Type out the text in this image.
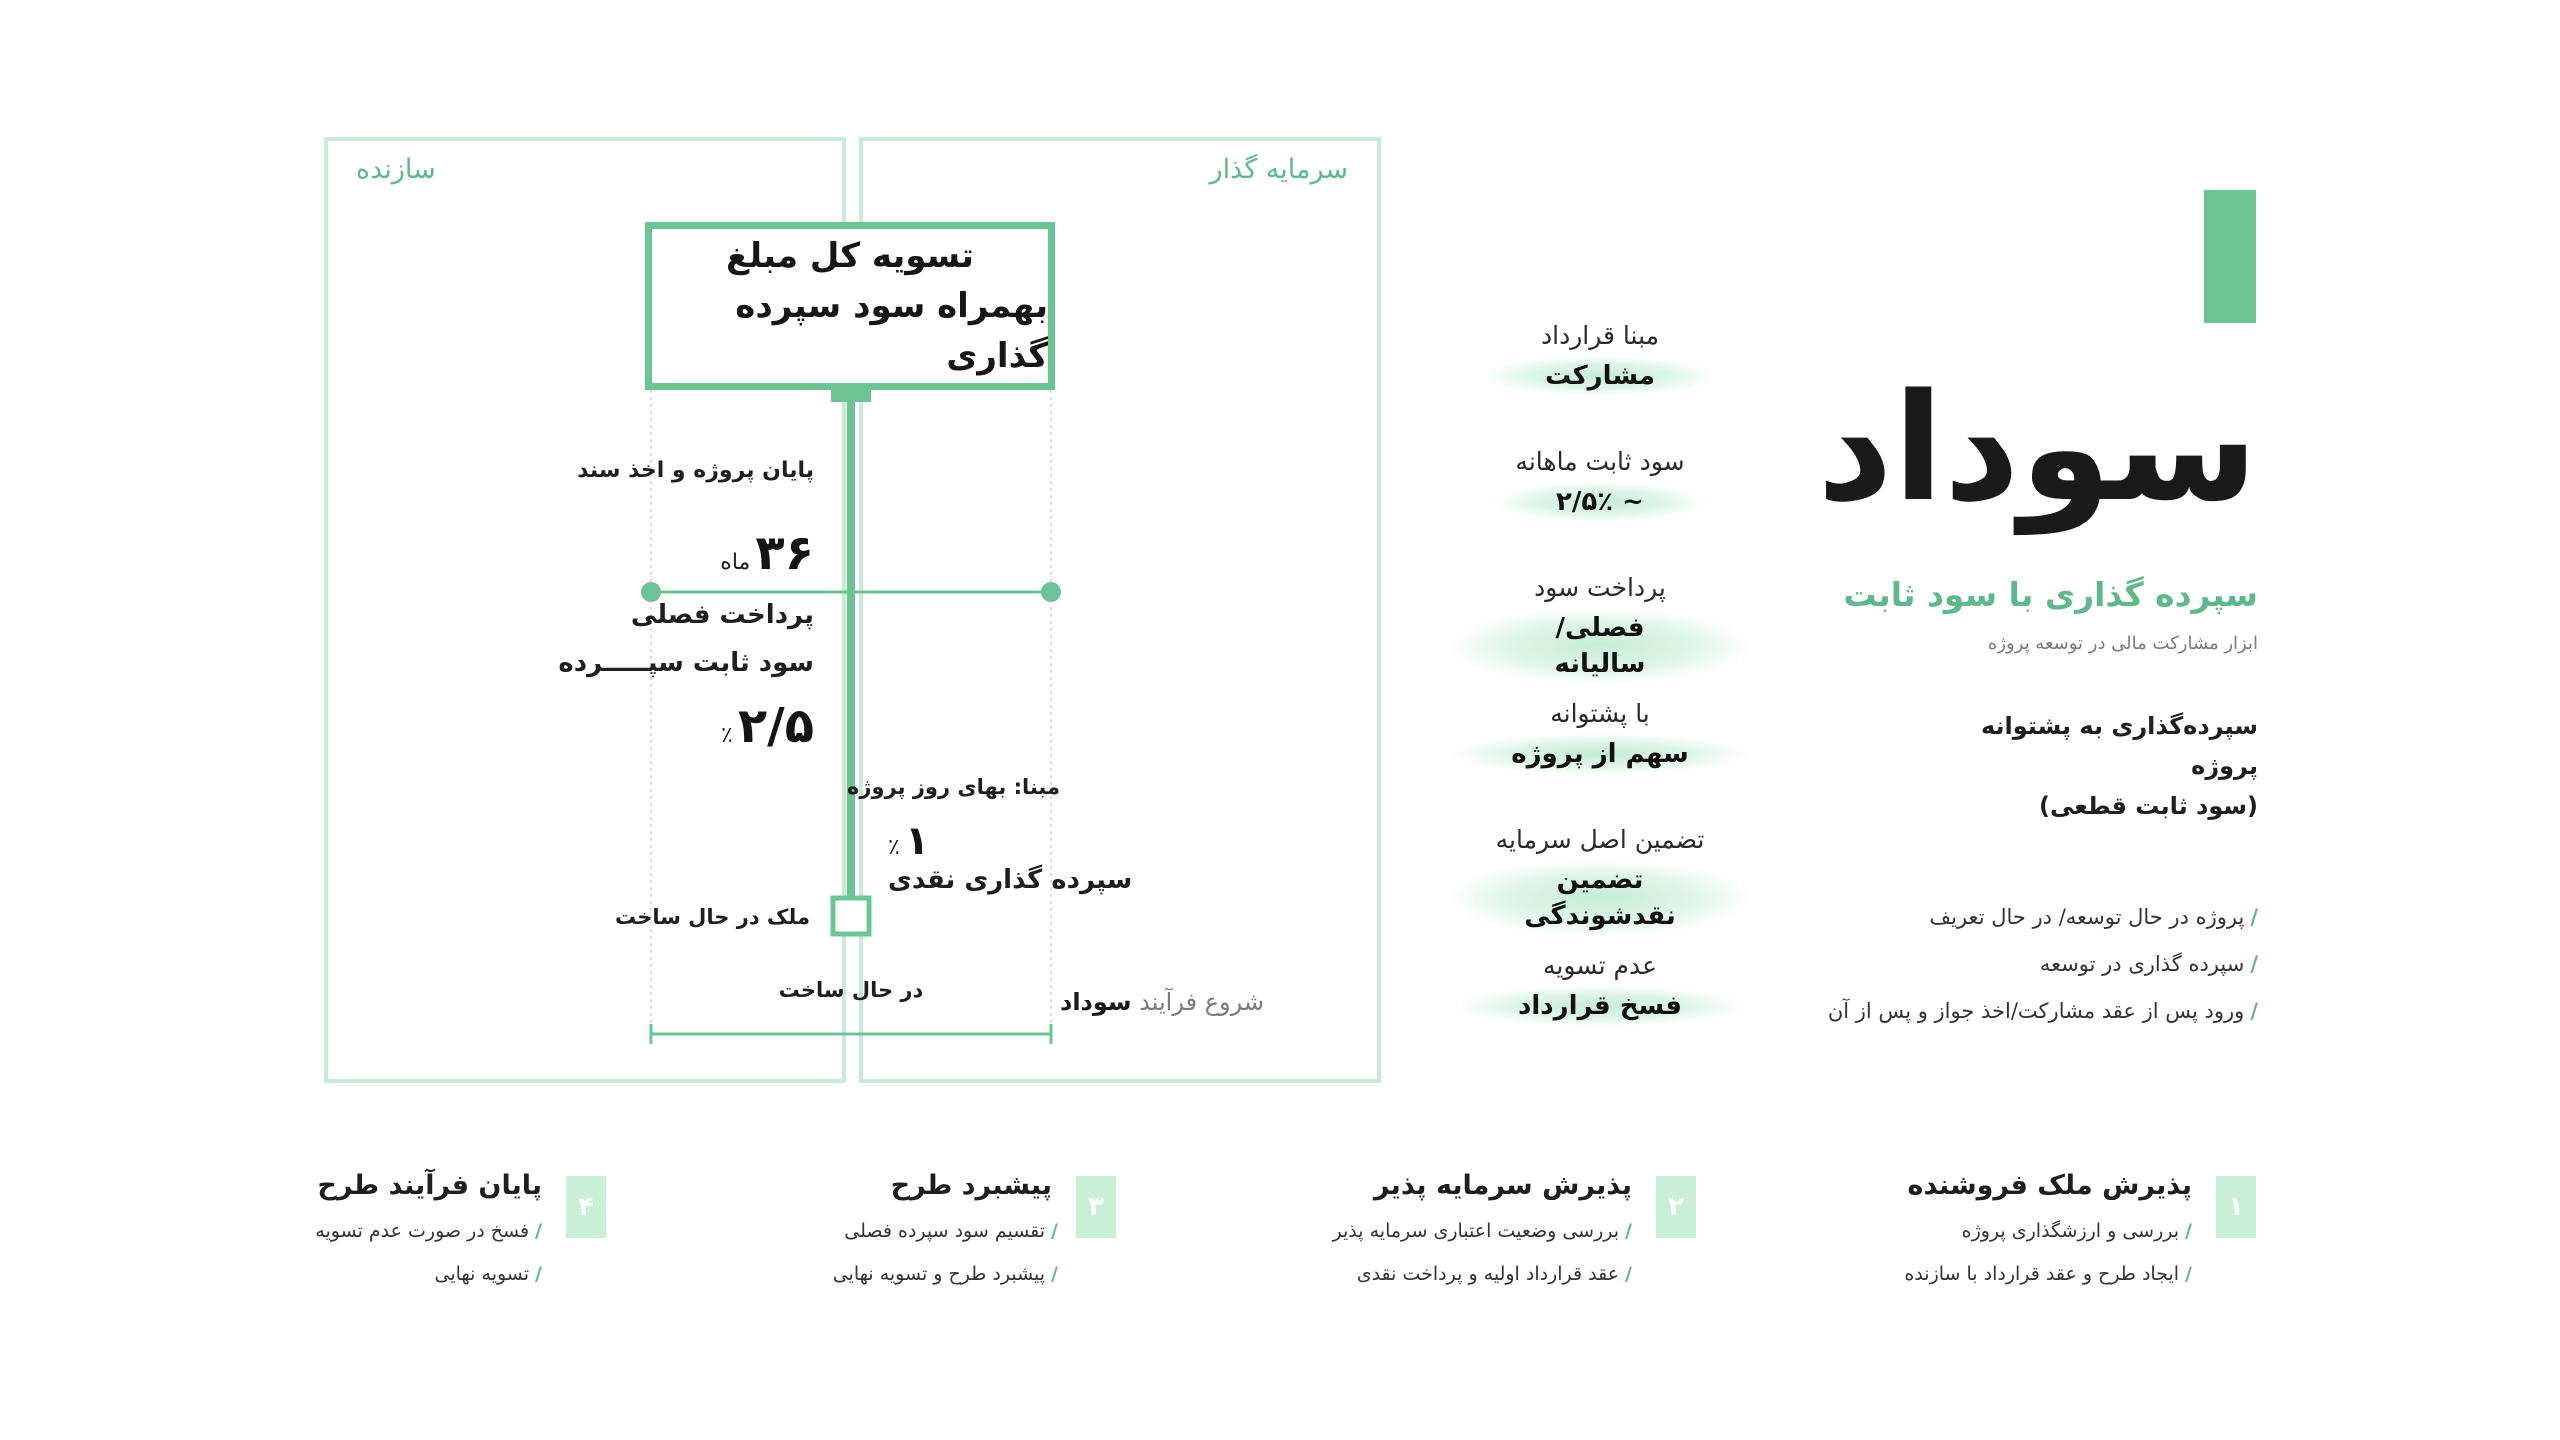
سوداد
سپرده گذاری با سود ثابت
ابزار مشارکت مالی در توسعه پروژه
سپرده‌گذاری به پشتوانه پروژه
(سود ثابت قطعی)
/پروژه در حال توسعه/ در حال تعریف
/سپرده گذاری در توسعه
/ورود پس از عقد مشارکت/اخذ جواز و پس از آن
مبنا قرارداد
مشارکت
سود ثابت ماهانه
~ ۲/۵٪
پرداخت سود
فصلی/سالیانه
با پشتوانه
سهم از پروژه
تضمین اصل سرمایه
تضمین نقدشوندگی
عدم تسویه
فسخ قرارداد
سازنده	سرمایه گذار
تسویه کل مبلغ
بهمراه سود سپرده گذاری
پایان پروژه و اخذ سند
۳۶ ماه
پرداخت فصلی
سود ثابت سپـــــرده
۲/۵ ٪
مبنا: بهای روز پروژه
۱ ٪
سپرده گذاری نقدی
ملک در حال ساخت
در حال ساخت	شروع فرآیند سوداد
۱
پذیرش ملک فروشنده
/بررسی و ارزشگذاری پروژه
/ایجاد طرح و عقد قرارداد با سازنده
۲
پذیرش سرمایه پذیر
/بررسی وضعیت اعتباری سرمایه پذیر
/عقد قرارداد اولیه و پرداخت نقدی
۳
پیشبرد طرح
/تقسیم سود سپرده فصلی
/پیشبرد طرح و تسویه نهایی
۴
پایان فرآیند طرح
/فسخ در صورت عدم تسویه
/تسویه نهایی
